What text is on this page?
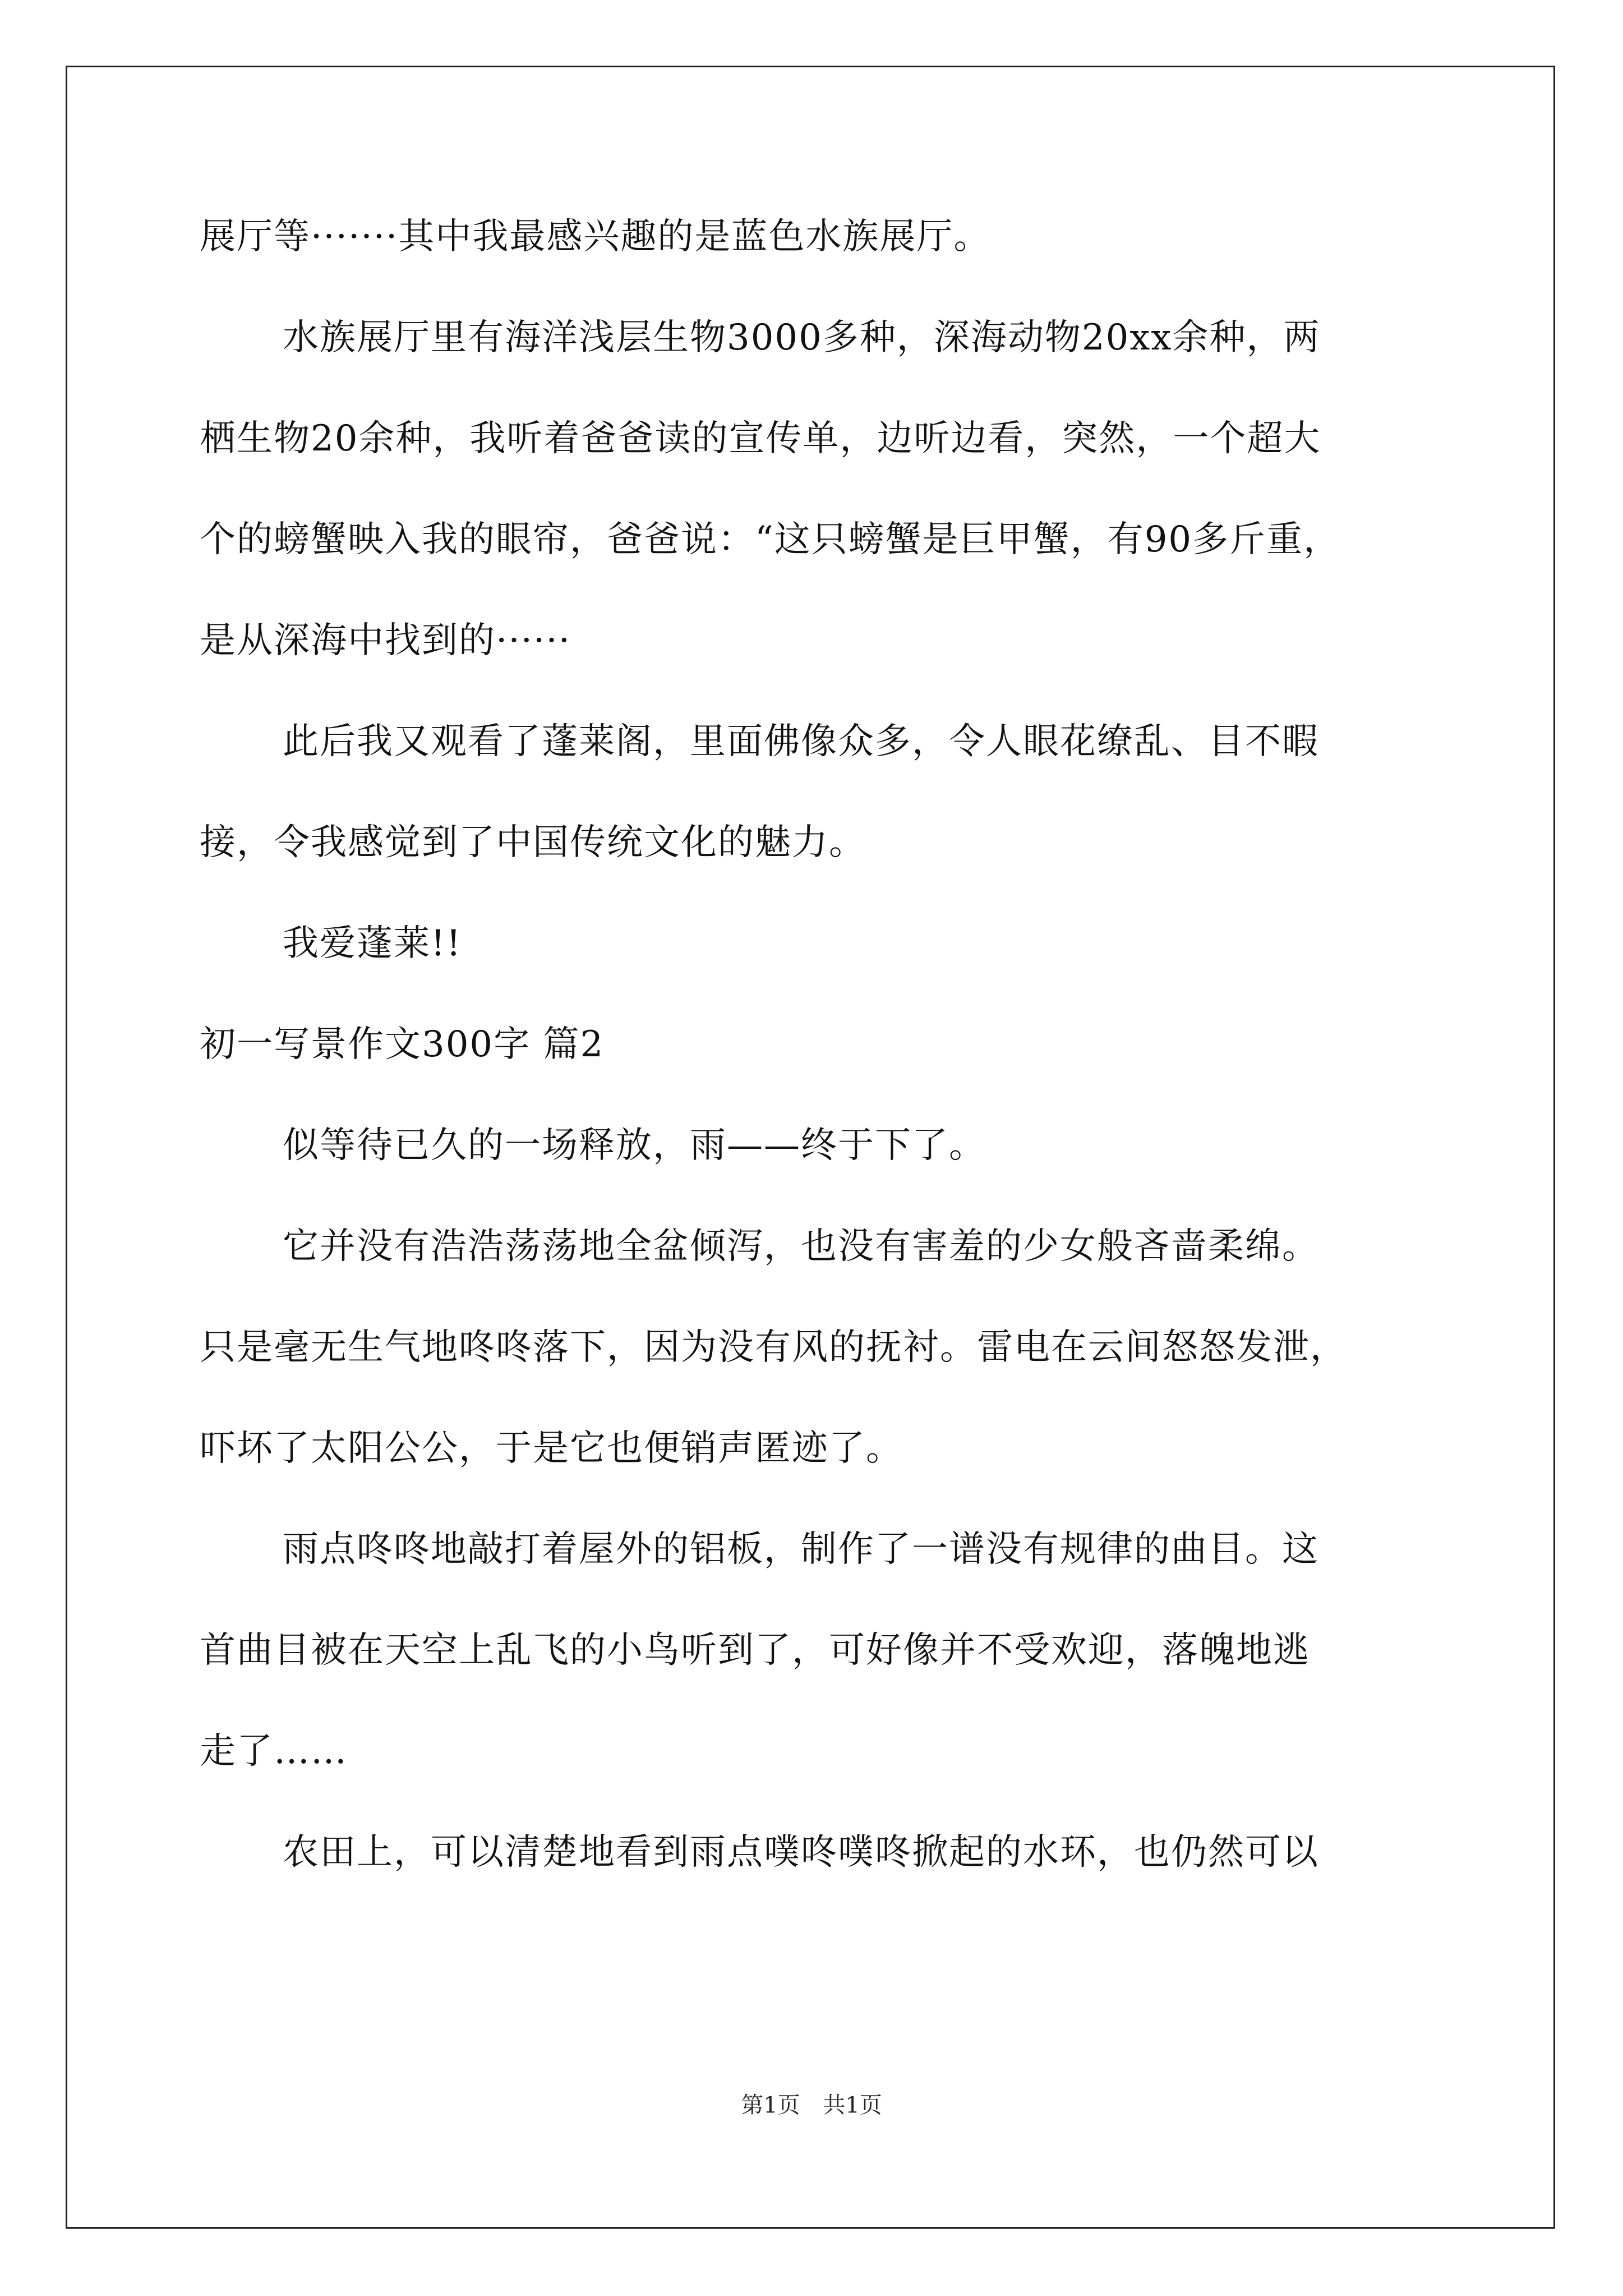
展厅等·······其中我最感兴趣的是蓝色水族展厅。
水族展厅里有海洋浅层生物3000多种，深海动物20xx余种，两
栖生物20余种，我听着爸爸读的宣传单，边听边看，突然，一个超大
个的螃蟹映入我的眼帘，爸爸说：“这只螃蟹是巨甲蟹，有90多斤重，
是从深海中找到的······
此后我又观看了蓬莱阁，里面佛像众多，令人眼花缭乱、目不暇
接，令我感觉到了中国传统文化的魅力。
我爱蓬莱!!
初一写景作文300字 篇2
似等待已久的一场释放，雨——终于下了。
它并没有浩浩荡荡地全盆倾泻，也没有害羞的少女般吝啬柔绵。
只是毫无生气地咚咚落下，因为没有风的抚衬。雷电在云间怒怒发泄，
吓坏了太阳公公，于是它也便销声匿迹了。
雨点咚咚地敲打着屋外的铝板，制作了一谱没有规律的曲目。这
首曲目被在天空上乱飞的小鸟听到了，可好像并不受欢迎，落魄地逃
走了……
农田上，可以清楚地看到雨点噗咚噗咚掀起的水环，也仍然可以
第1页 共1页
